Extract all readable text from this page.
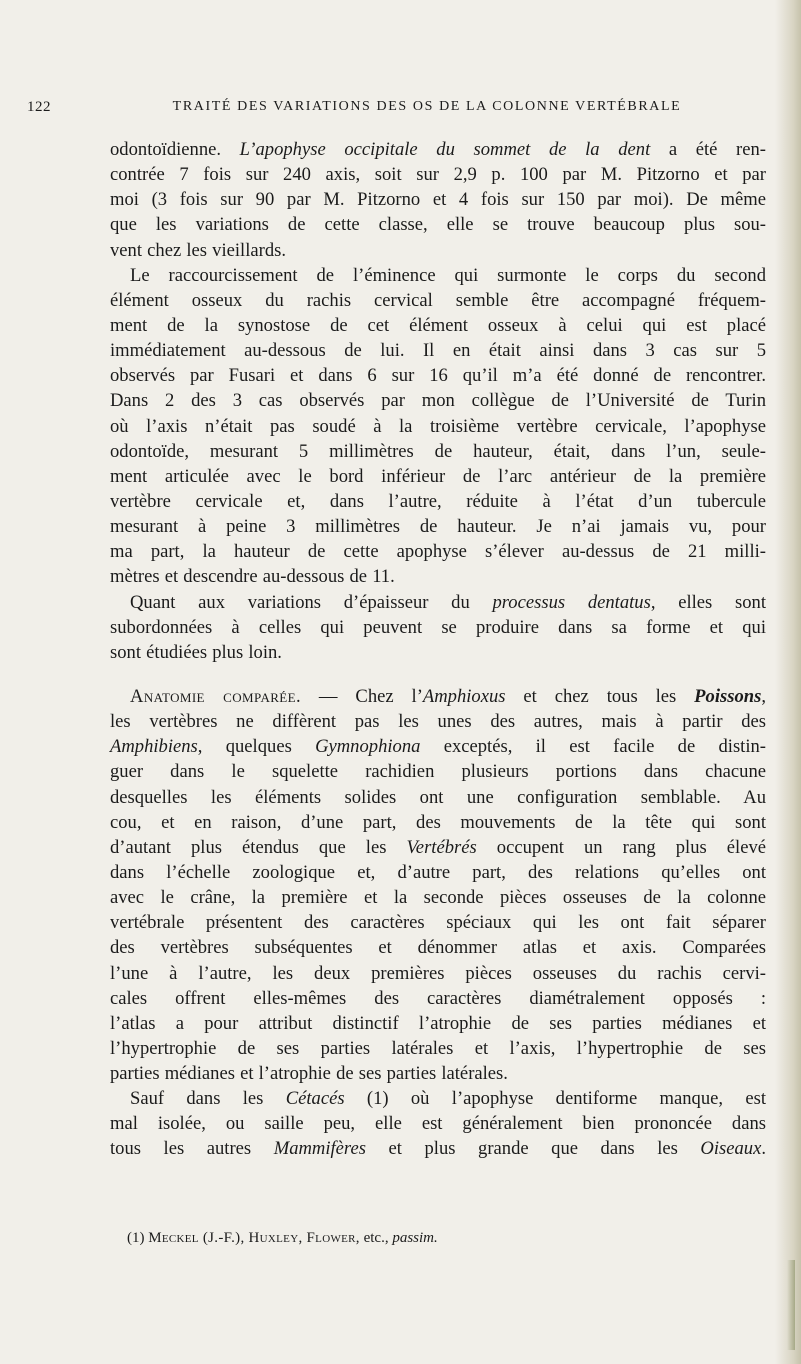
122	TRAITÉ DES VARIATIONS DES OS DE LA COLONNE VERTÉBRALE
odontoïdienne. L’apophyse occipitale du sommet de la dent a été ren-
contrée 7 fois sur 240 axis, soit sur 2,9 p. 100 par M. Pitzorno et par
moi (3 fois sur 90 par M. Pitzorno et 4 fois sur 150 par moi). De même
que les variations de cette classe, elle se trouve beaucoup plus sou-
vent chez les vieillards.
Le raccourcissement de l’éminence qui surmonte le corps du second
élément osseux du rachis cervical semble être accompagné fréquem-
ment de la synostose de cet élément osseux à celui qui est placé
immédiatement au-dessous de lui. Il en était ainsi dans 3 cas sur 5
observés par Fusari et dans 6 sur 16 qu’il m’a été donné de rencontrer.
Dans 2 des 3 cas observés par mon collègue de l’Université de Turin
où l’axis n’était pas soudé à la troisième vertèbre cervicale, l’apophyse
odontoïde, mesurant 5 millimètres de hauteur, était, dans l’un, seule-
ment articulée avec le bord inférieur de l’arc antérieur de la première
vertèbre cervicale et, dans l’autre, réduite à l’état d’un tubercule
mesurant à peine 3 millimètres de hauteur. Je n’ai jamais vu, pour
ma part, la hauteur de cette apophyse s’élever au-dessus de 21 milli-
mètres et descendre au-dessous de 11.
Quant aux variations d’épaisseur du processus dentatus, elles sont
subordonnées à celles qui peuvent se produire dans sa forme et qui
sont étudiées plus loin.
Anatomie comparée. — Chez l’Amphioxus et chez tous les Poissons,
les vertèbres ne diffèrent pas les unes des autres, mais à partir des
Amphibiens, quelques Gymnophiona exceptés, il est facile de distin-
guer dans le squelette rachidien plusieurs portions dans chacune
desquelles les éléments solides ont une configuration semblable. Au
cou, et en raison, d’une part, des mouvements de la tête qui sont
d’autant plus étendus que les Vertébrés occupent un rang plus élevé
dans l’échelle zoologique et, d’autre part, des relations qu’elles ont
avec le crâne, la première et la seconde pièces osseuses de la colonne
vertébrale présentent des caractères spéciaux qui les ont fait séparer
des vertèbres subséquentes et dénommer atlas et axis. Comparées
l’une à l’autre, les deux premières pièces osseuses du rachis cervi-
cales offrent elles-mêmes des caractères diamétralement opposés :
l’atlas a pour attribut distinctif l’atrophie de ses parties médianes et
l’hypertrophie de ses parties latérales et l’axis, l’hypertrophie de ses
parties médianes et l’atrophie de ses parties latérales.
Sauf dans les Cétacés (1) où l’apophyse dentiforme manque, est
mal isolée, ou saille peu, elle est généralement bien prononcée dans
tous les autres Mammifères et plus grande que dans les Oiseaux.
(1) Meckel (J.-F.), Huxley, Flower, etc., passim.
